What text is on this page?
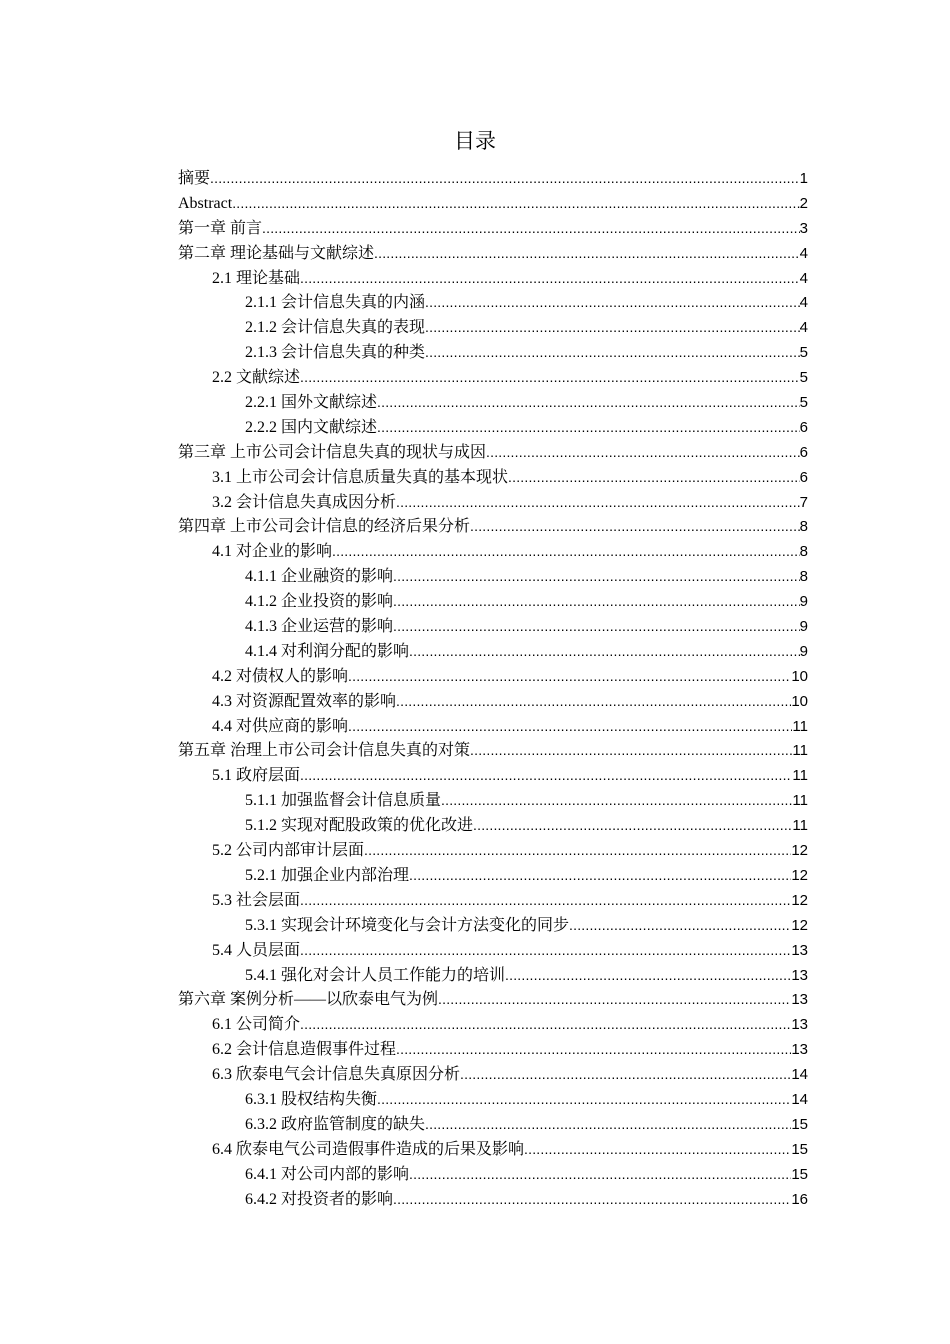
目录
摘要 .....	1
Abstract .....	2
第一章 前言 .....	3
第二章 理论基础与文献综述 .....	4
2.1 理论基础 .....	4
2.1.1 会计信息失真的内涵 .....	4
2.1.2 会计信息失真的表现 .....	4
2.1.3 会计信息失真的种类 .....	5
2.2 文献综述 .....	5
2.2.1 国外文献综述 .....	5
2.2.2 国内文献综述 .....	6
第三章 上市公司会计信息失真的现状与成因 .....	6
3.1 上市公司会计信息质量失真的基本现状 .....	6
3.2 会计信息失真成因分析 .....	7
第四章 上市公司会计信息的经济后果分析 .....	8
4.1 对企业的影响 .....	8
4.1.1 企业融资的影响 .....	8
4.1.2 企业投资的影响 .....	9
4.1.3 企业运营的影响 .....	9
4.1.4 对利润分配的影响 .....	9
4.2 对债权人的影响 .....	10
4.3 对资源配置效率的影响 .....	10
4.4 对供应商的影响 .....	11
第五章 治理上市公司会计信息失真的对策 .....	11
5.1 政府层面 .....	11
5.1.1 加强监督会计信息质量 .....	11
5.1.2 实现对配股政策的优化改进 .....	11
5.2 公司内部审计层面 .....	12
5.2.1 加强企业内部治理 .....	12
5.3 社会层面 .....	12
5.3.1 实现会计环境变化与会计方法变化的同步 .....	12
5.4 人员层面 .....	13
5.4.1 强化对会计人员工作能力的培训 .....	13
第六章 案例分析——以欣泰电气为例 .....	13
6.1 公司简介 .....	13
6.2 会计信息造假事件过程 .....	13
6.3 欣泰电气会计信息失真原因分析 .....	14
6.3.1 股权结构失衡 .....	14
6.3.2 政府监管制度的缺失 .....	15
6.4 欣泰电气公司造假事件造成的后果及影响 .....	15
6.4.1 对公司内部的影响 .....	15
6.4.2 对投资者的影响 .....	16
